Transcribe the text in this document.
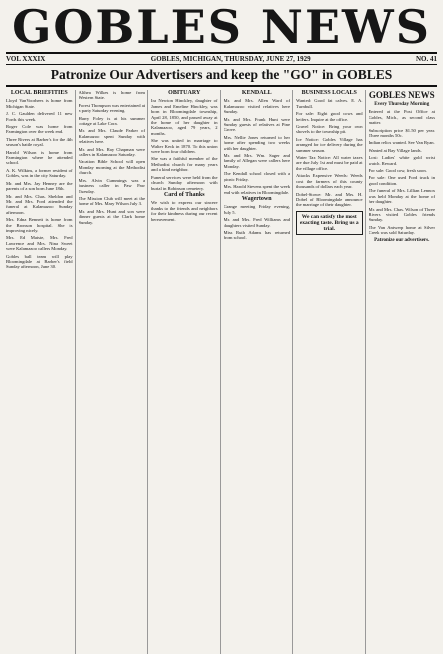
GOBLES NEWS
VOL XXXIX	GOBLES, MICHIGAN, THURSDAY, JUNE 27, 1929	NO. 41
Patronize Our Advertisers and keep the "GO" in GOBLES
LOCAL BRIEFITIES

Lloyd VanVoorhees is home from Michigan State.

J. C. Gaulden delivered 11 new Fords this week.

Roger Cole was home from Farmington over the week end.

Three Rivers at Barber's for the 4th season's battle royal.

Harold Wilson is home from Farmington where he attended school.

A. K. Wilkins, a former resident of Gobles, was in the city Saturday.

Mr. and Mrs. Jay Henney are the parents of a son born June 18th.

Mr. and Mrs. Chas. Sheldon and Mr. and Mrs. Ford attended the funeral at Kalamazoo Sunday afternoon.

Mrs. Edna Bennett is home from the Bronson hospital. She is improving nicely.

Mrs. Ed Maiste, Mrs. Fred Lawrence and Mrs. Nina Sweet were Kalamazoo callers Monday.

Gobles ball team will play Bloomingdale at Barber's field Sunday afternoon, June 30.

Althea Wilkes is home from Western State.

Forest Thompson was entertained at a party Saturday evening.

Harry Foley is at his summer cottage at Lake Cora.

Mr. and Mrs. Claude Parker of Kalamazoo spent Sunday with relatives here.

Mr. and Mrs. Ray Chapman were callers in Kalamazoo Saturday.

Vacation Bible School will open Monday morning at the Methodist church.

Mrs. Alvin Cummings was a business caller in Paw Paw Tuesday.

The Mission Club will meet at the home of Mrs. Mary Wilson July 3.

Mr. and Mrs. Hunt and son were dinner guests at the Clark home Sunday.

OBITUARY

Ira Newton Hinckley, daughter of James and Emeline Hinckley, was born in Bloomingdale township, April 28, 1850, and passed away at the home of her daughter in Kalamazoo, aged 79 years, 2 months.

She was united in marriage to Walter Keck in 1870. To this union were born four children.

She was a faithful member of the Methodist church for many years and a kind neighbor.

Funeral services were held from the church Sunday afternoon with burial in Robinson cemetery.

Card of Thanks

We wish to express our sincere thanks to the friends and neighbors for their kindness during our recent bereavement.

KENDALL

Mr. and Mrs. Allen Ward of Kalamazoo visited relatives here Sunday.

Mr. and Mrs. Frank Hunt were Sunday guests of relatives at Pine Grove.

Mrs. Nellie Jones returned to her home after spending two weeks with her daughter.

Mr. and Mrs. Wm. Sager and family of Allegan were callers here Monday.

The Kendall school closed with a picnic Friday.

Mrs. Harold Stevens spent the week end with relatives in Bloomingdale.

Wagertown

Grange meeting Friday evening, July 5.

Mr. and Mrs. Fred Williams and daughters visited Sunday.

Miss Ruth Adams has returned from school.

BUSINESS LOCALS

Wanted: Good fat calves. E. A. Turnbull.

For sale: Eight good cows and heifers. Inquire at the office.

Gravel Notice: Bring your own shovels to the township pit.

Ice Notice: Gobles Village has arranged for ice delivery during the summer season.

Water Tax Notice: All water taxes are due July 1st and must be paid at the village office.

Attacks Expensive Weeds: Weeds cost the farmers of this county thousands of dollars each year.

Dobel-Stowe: Mr. and Mrs. H. Dobel of Bloomingdale announce the marriage of their daughter.

We can satisfy the most exacting taste. Bring us a trial.
GOBLES NEWS
Every Thursday Morning

Entered at the Post Office at Gobles, Mich., as second class matter.

Subscription price $1.50 per year. Three months 50c.

Indian relics wanted. See Van Ryan.

Wanted at Bay Village lands.

Lost: Ladies' white gold wrist watch. Reward.

For sale: Good cow, fresh soon.

For sale: One used Ford truck in good condition.

The funeral of Mrs. Lillian Lennox was held Monday at the home of her daughter.

Mr. and Mrs. Chas. Wilson of Three Rivers visited Gobles friends Sunday.

The Van Antwerp home at Silver Creek was sold Saturday.

Patronize our advertisers.
